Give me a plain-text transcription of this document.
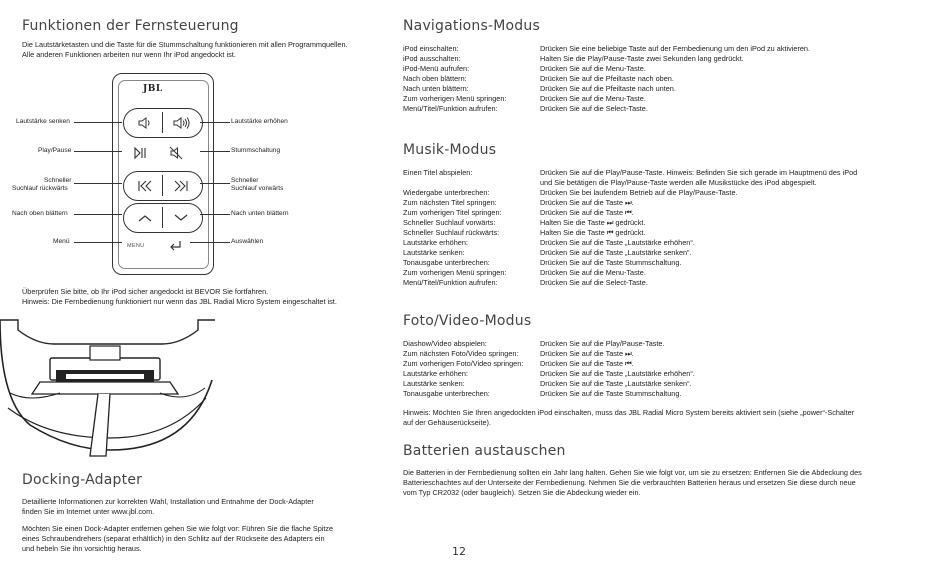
Funktionen der Fernsteuerung
Die Lautstärketasten und die Taste für die Stummschaltung funktionieren mit allen Programmquellen.
Alle anderen Funktionen arbeiten nur wenn Ihr iPod angedockt ist.
JBL
MENU
Lautstärke senken
Play/Pause
Schneller
Suchlauf rückwärts
Nach oben blättern
Menü
Lautstärke erhöhen
Stummschaltung
Schneller
Suchlauf vorwärts
Nach unten blättern
Auswählen
Überprüfen Sie bitte, ob Ihr iPod sicher angedockt ist BEVOR Sie fortfahren.
Hinweis: Die Fernbedienung funktioniert nur wenn das JBL Radial Micro System eingeschaltet ist.
Docking-Adapter
Detaillierte Informationen zur korrekten Wahl, Installation und Entnahme der Dock-Adapter
finden Sie im Internet unter www.jbl.com.
Möchten Sie einen Dock-Adapter entfernen gehen Sie wie folgt vor: Führen Sie die flache Spitze
eines Schraubendrehers (separat erhältlich) in den Schlitz auf der Rückseite des Adapters ein
und hebeln Sie ihn vorsichtig heraus.
Navigations-Modus
iPod einschalten:	Drücken Sie eine beliebige Taste auf der Fernbedienung um den iPod zu aktivieren.
iPod ausschalten:	Halten Sie die Play/Pause-Taste zwei Sekunden lang gedrückt.
iPod-Menü aufrufen:	Drücken Sie auf die Menu-Taste.
Nach oben blättern:	Drücken Sie auf die Pfeiltaste nach oben.
Nach unten blättern:	Drücken Sie auf die Pfeiltaste nach unten.
Zum vorherigen Menü springen:	Drücken Sie auf die Menu-Taste.
Menü/Titel/Funktion aufrufen:	Drücken Sie auf die Select-Taste.
Musik-Modus
Einen Titel abspielen:	Drücken Sie auf die Play/Pause-Taste. Hinweis: Befinden Sie sich gerade im Hauptmenü des iPod
und Sie betätigen die Play/Pause-Taste werden alle Musikstücke des iPod abgespielt.
Wiedergabe unterbrechen:	Drücken Sie bei laufendem Betrieb auf die Play/Pause-Taste.
Zum nächsten Titel springen:	Drücken Sie auf die Taste ⏭.
Zum vorherigen Titel springen:	Drücken Sie auf die Taste ⏮.
Schneller Suchlauf vorwärts:	Halten Sie die Taste ⏭ gedrückt.
Schneller Suchlauf rückwärts:	Halten Sie die Taste ⏮ gedrückt.
Lautstärke erhöhen:	Drücken Sie auf die Taste „Lautstärke erhöhen“.
Lautstärke senken:	Drücken Sie auf die Taste „Lautstärke senken“.
Tonausgabe unterbrechen:	Drücken Sie auf die Taste Stummschaltung.
Zum vorherigen Menü springen:	Drücken Sie auf die Menu-Taste.
Menü/Titel/Funktion aufrufen:	Drücken Sie auf die Select-Taste.
Foto/Video-Modus
Diashow/Video abspielen:	Drücken Sie auf die Play/Pause-Taste.
Zum nächsten Foto/Video springen:	Drücken Sie auf die Taste ⏭.
Zum vorherigen Foto/Video springen:	Drücken Sie auf die Taste ⏮.
Lautstärke erhöhen:	Drücken Sie auf die Taste „Lautstärke erhöhen“.
Lautstärke senken:	Drücken Sie auf die Taste „Lautstärke senken“.
Tonausgabe unterbrechen:	Drücken Sie auf die Taste Stummschaltung.
Hinweis: Möchten Sie Ihren angedockten iPod einschalten, muss das JBL Radial Micro System bereits aktiviert sein (siehe „power“-Schalter
auf der Gehäuserückseite).
Batterien austauschen
Die Batterien in der Fernbedienung sollten ein Jahr lang halten. Gehen Sie wie folgt vor, um sie zu ersetzen: Entfernen Sie die Abdeckung des
Batterieschachtes auf der Unterseite der Fernbedienung. Nehmen Sie die verbrauchten Batterien heraus und ersetzen Sie diese durch neue
vom Typ CR2032 (oder baugleich). Setzen Sie die Abdeckung wieder ein.
12
